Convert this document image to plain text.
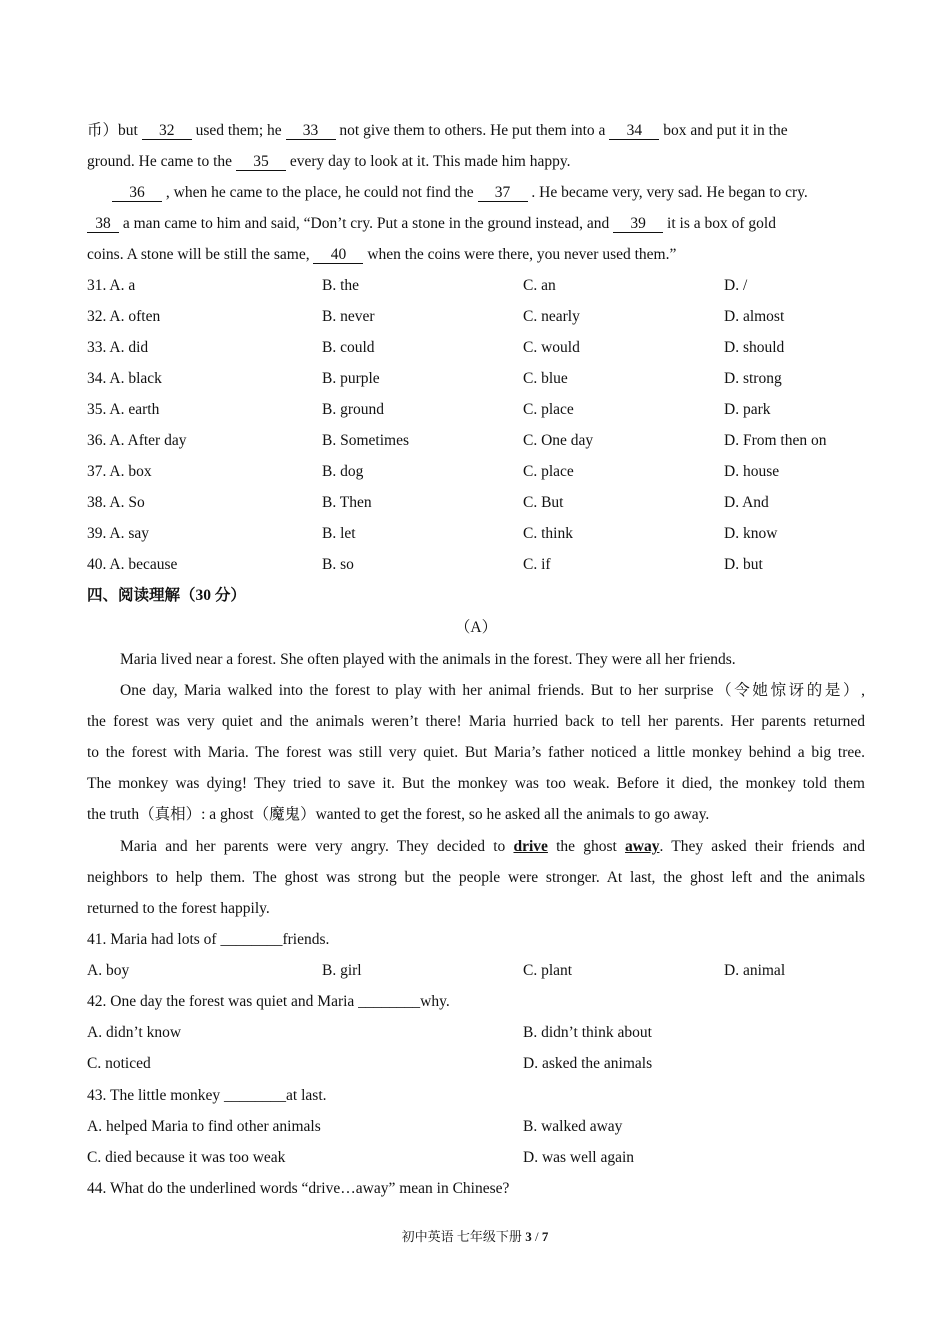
币）but 32 used them; he 33 not give them to others. He put them into a 34 box and put it in the
ground. He came to the 35 every day to look at it. This made him happy.
36 , when he came to the place, he could not find the 37 . He became very, very sad. He began to cry.
38 a man came to him and said, “Don’t cry. Put a stone in the ground instead, and 39 it is a box of gold
coins. A stone will be still the same, 40 when the coins were there, you never used them.”
31. A. a	B. the	C. an	D. /
32. A. often	B. never	C. nearly	D. almost
33. A. did	B. could	C. would	D. should
34. A. black	B. purple	C. blue	D. strong
35. A. earth	B. ground	C. place	D. park
36. A. After day	B. Sometimes	C. One day	D. From then on
37. A. box	B. dog	C. place	D. house
38. A. So	B. Then	C. But	D. And
39. A. say	B. let	C. think	D. know
40. A. because	B. so	C. if	D. but
四、阅读理解（30 分）
（A）
Maria lived near a forest. She often played with the animals in the forest. They were all her friends.
One day, Maria walked into the forest to play with her animal friends. But to her surprise（令她惊讶的是）,
the forest was very quiet and the animals weren’t there! Maria hurried back to tell her parents. Her parents returned
to the forest with Maria. The forest was still very quiet. But Maria’s father noticed a little monkey behind a big tree.
The monkey was dying! They tried to save it. But the monkey was too weak. Before it died, the monkey told them
the truth（真相）: a ghost（魔鬼）wanted to get the forest, so he asked all the animals to go away.
Maria and her parents were very angry. They decided to drive the ghost away. They asked their friends and
neighbors to help them. The ghost was strong but the people were stronger. At last, the ghost left and the animals
returned to the forest happily.
41. Maria had lots of ________friends.
A. boy	B. girl	C. plant	D. animal
42. One day the forest was quiet and Maria ________why.
A. didn’t know	B. didn’t think about
C. noticed	D. asked the animals
43. The little monkey ________at last.
A. helped Maria to find other animals	B. walked away
C. died because it was too weak	D. was well again
44. What do the underlined words “drive…away” mean in Chinese?
初中英语 七年级下册 3 / 7
